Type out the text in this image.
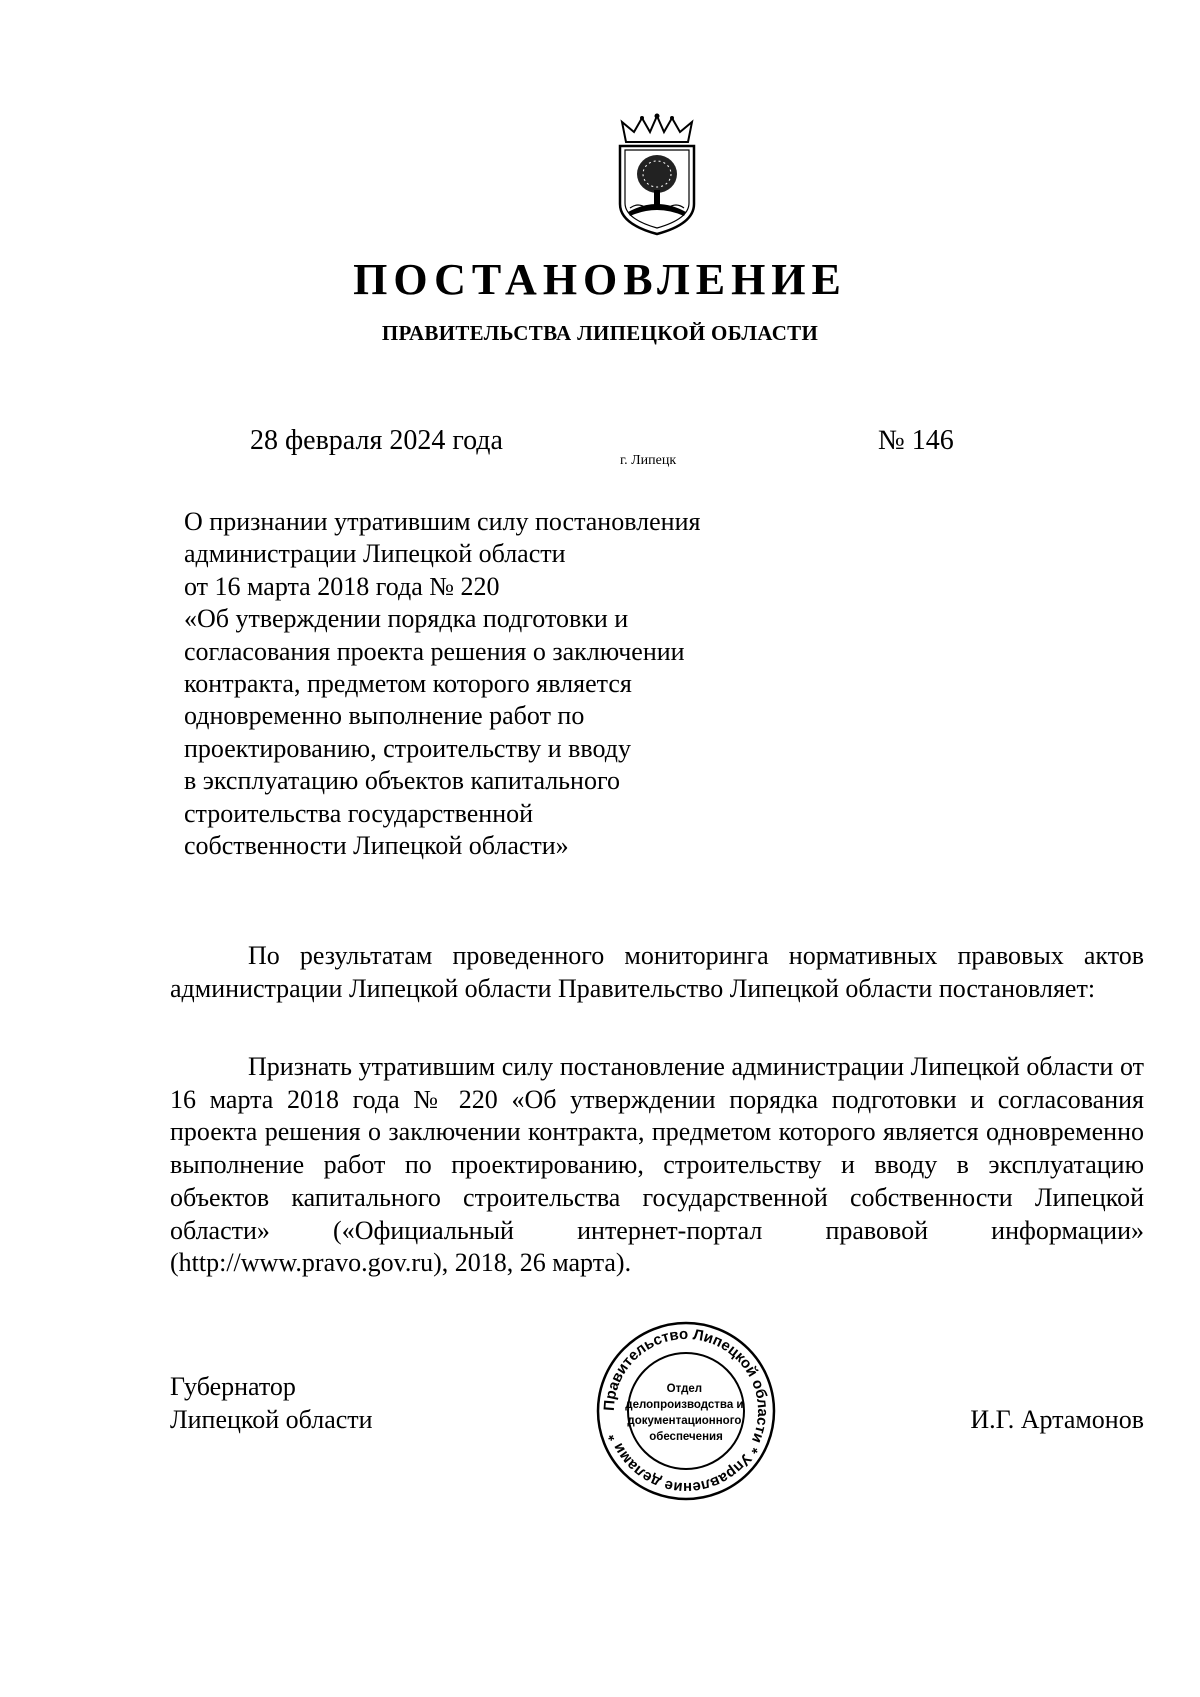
ПОСТАНОВЛЕНИЕ
ПРАВИТЕЛЬСТВА ЛИПЕЦКОЙ ОБЛАСТИ
28 февраля 2024 года
г. Липецк
№ 146
О признании утратившим силу постановления
администрации Липецкой области
от 16 марта 2018 года № 220
«Об утверждении порядка подготовки и
согласования проекта решения о заключении
контракта, предметом которого является
одновременно выполнение работ по
проектированию, строительству и вводу
в эксплуатацию объектов капитального
строительства государственной
собственности Липецкой области»

По результатам проведенного мониторинга нормативных правовых актов администрации Липецкой области Правительство Липецкой области постановляет:

Признать утратившим силу постановление администрации Липецкой области от 16 марта 2018 года № 220 «Об утверждении порядка подготовки и согласования проекта решения о заключении контракта, предметом которого является одновременно выполнение работ по проектированию, строительству и вводу в эксплуатацию объектов капитального строительства государственной собственности Липецкой области» («Официальный интернет-портал правовой информации» (http://www.pravo.gov.ru), 2018, 26 марта).

Губернатор
Липецкой области	Правительство Липецкой области * Управление делами *
Отдел делопроизводства и документационного обеспечения
И.Г. Артамонов
